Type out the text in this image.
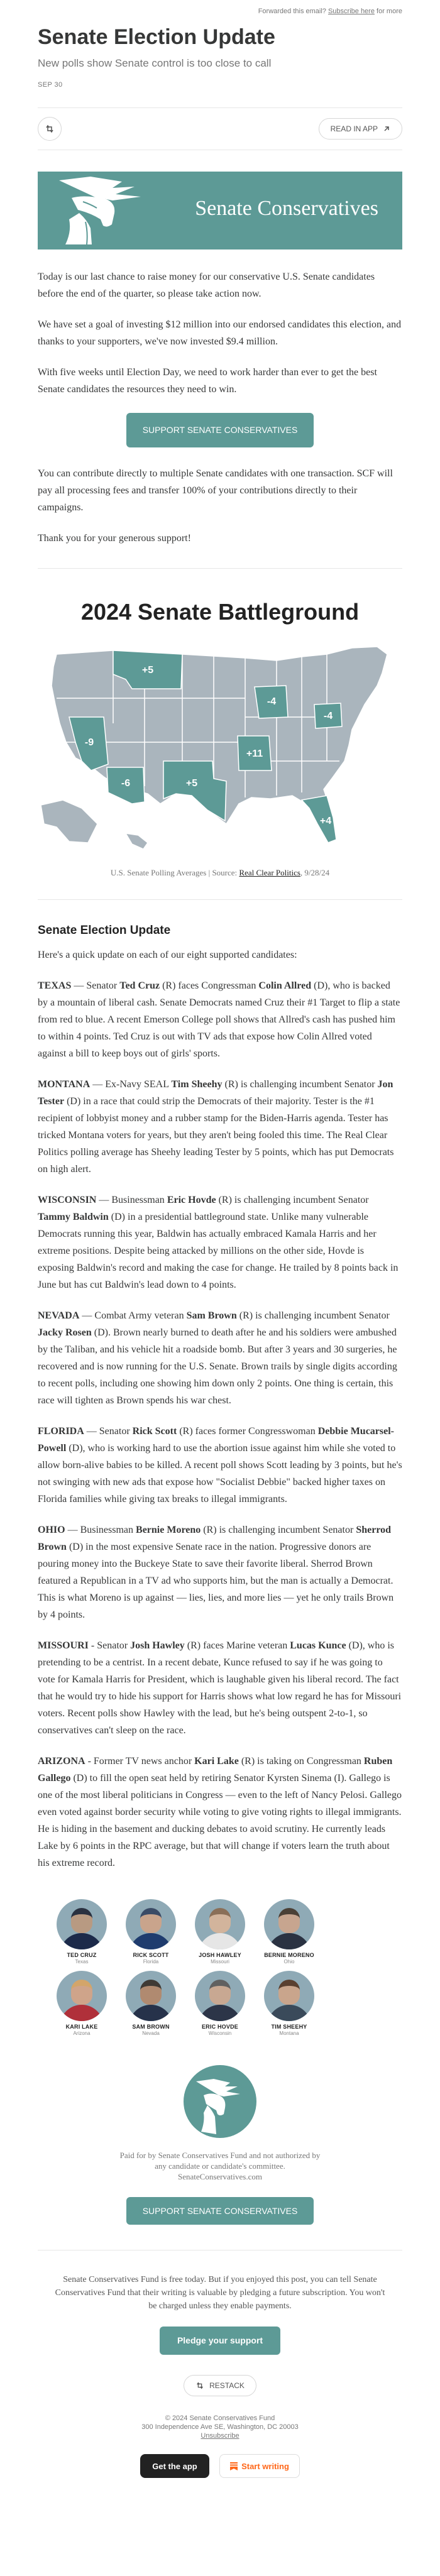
Forwarded this email? Subscribe here for more
Senate Election Update
New polls show Senate control is too close to call
SEP 30
READ IN APP
Senate Conservatives

Today is our last chance to raise money for our conservative U.S. Senate candidates before the end of the quarter, so please take action now.

We have set a goal of investing $12 million into our endorsed candidates this election, and thanks to your supporters, we've now invested $9.4 million.

With five weeks until Election Day, we need to work harder than ever to get the best Senate candidates the resources they need to win.

SUPPORT SENATE CONSERVATIVES

You can contribute directly to multiple Senate candidates with one transaction. SCF will pay all processing fees and transfer 100% of your contributions directly to their campaigns.

Thank you for your generous support!

2024 Senate Battleground
+5
-4
-4
-9
+11
-6	+5
+4
U.S. Senate Polling Averages | Source: Real Clear Politics, 9/28/24
Senate Election Update

Here's a quick update on each of our eight supported candidates:

TEXAS — Senator Ted Cruz (R) faces Congressman Colin Allred (D), who is backed by a mountain of liberal cash. Senate Democrats named Cruz their #1 Target to flip a state from red to blue. A recent Emerson College poll shows that Allred's cash has pushed him to within 4 points. Ted Cruz is out with TV ads that expose how Colin Allred voted against a bill to keep boys out of girls' sports.

MONTANA — Ex-Navy SEAL Tim Sheehy (R) is challenging incumbent Senator Jon Tester (D) in a race that could strip the Democrats of their majority. Tester is the #1 recipient of lobbyist money and a rubber stamp for the Biden-Harris agenda. Tester has tricked Montana voters for years, but they aren't being fooled this time. The Real Clear Politics polling average has Sheehy leading Tester by 5 points, which has put Democrats on high alert.

WISCONSIN — Businessman Eric Hovde (R) is challenging incumbent Senator Tammy Baldwin (D) in a presidential battleground state. Unlike many vulnerable Democrats running this year, Baldwin has actually embraced Kamala Harris and her extreme positions. Despite being attacked by millions on the other side, Hovde is exposing Baldwin's record and making the case for change. He trailed by 8 points back in June but has cut Baldwin's lead down to 4 points.

NEVADA — Combat Army veteran Sam Brown (R) is challenging incumbent Senator Jacky Rosen (D). Brown nearly burned to death after he and his soldiers were ambushed by the Taliban, and his vehicle hit a roadside bomb. But after 3 years and 30 surgeries, he recovered and is now running for the U.S. Senate. Brown trails by single digits according to recent polls, including one showing him down only 2 points. One thing is certain, this race will tighten as Brown spends his war chest.

FLORIDA — Senator Rick Scott (R) faces former Congresswoman Debbie Mucarsel-Powell (D), who is working hard to use the abortion issue against him while she voted to allow born-alive babies to be killed. A recent poll shows Scott leading by 3 points, but he's not swinging with new ads that expose how "Socialist Debbie" backed higher taxes on Florida families while giving tax breaks to illegal immigrants.

OHIO — Businessman Bernie Moreno (R) is challenging incumbent Senator Sherrod Brown (D) in the most expensive Senate race in the nation. Progressive donors are pouring money into the Buckeye State to save their favorite liberal. Sherrod Brown featured a Republican in a TV ad who supports him, but the man is actually a Democrat. This is what Moreno is up against — lies, lies, and more lies — yet he only trails Brown by 4 points.

MISSOURI - Senator Josh Hawley (R) faces Marine veteran Lucas Kunce (D), who is pretending to be a centrist. In a recent debate, Kunce refused to say if he was going to vote for Kamala Harris for President, which is laughable given his liberal record. The fact that he would try to hide his support for Harris shows what low regard he has for Missouri voters. Recent polls show Hawley with the lead, but he's being outspent 2-to-1, so conservatives can't sleep on the race.

ARIZONA - Former TV news anchor Kari Lake (R) is taking on Congressman Ruben Gallego (D) to fill the open seat held by retiring Senator Kyrsten Sinema (I). Gallego is one of the most liberal politicians in Congress — even to the left of Nancy Pelosi. Gallego even voted against border security while voting to give voting rights to illegal immigrants. He is hiding in the basement and ducking debates to avoid scrutiny. He currently leads Lake by 6 points in the RPC average, but that will change if voters learn the truth about his extreme record.

TED CRUZ
Texas
RICK SCOTT
Florida
JOSH HAWLEY
Missouri
BERNIE MORENO
Ohio
KARI LAKE
Arizona
SAM BROWN
Nevada
ERIC HOVDE
Wisconsin
TIM SHEEHY
Montana
Paid for by Senate Conservatives Fund and not authorized by
any candidate or candidate's committee.
SenateConservatives.com
SUPPORT SENATE CONSERVATIVES
Senate Conservatives Fund is free today. But if you enjoyed this post, you can tell Senate Conservatives Fund that their writing is valuable by pledging a future subscription. You won't be charged unless they enable payments.
Pledge your support
RESTACK
© 2024 Senate Conservatives Fund
300 Independence Ave SE, Washington, DC 20003
Unsubscribe
Get the app	Start writing
